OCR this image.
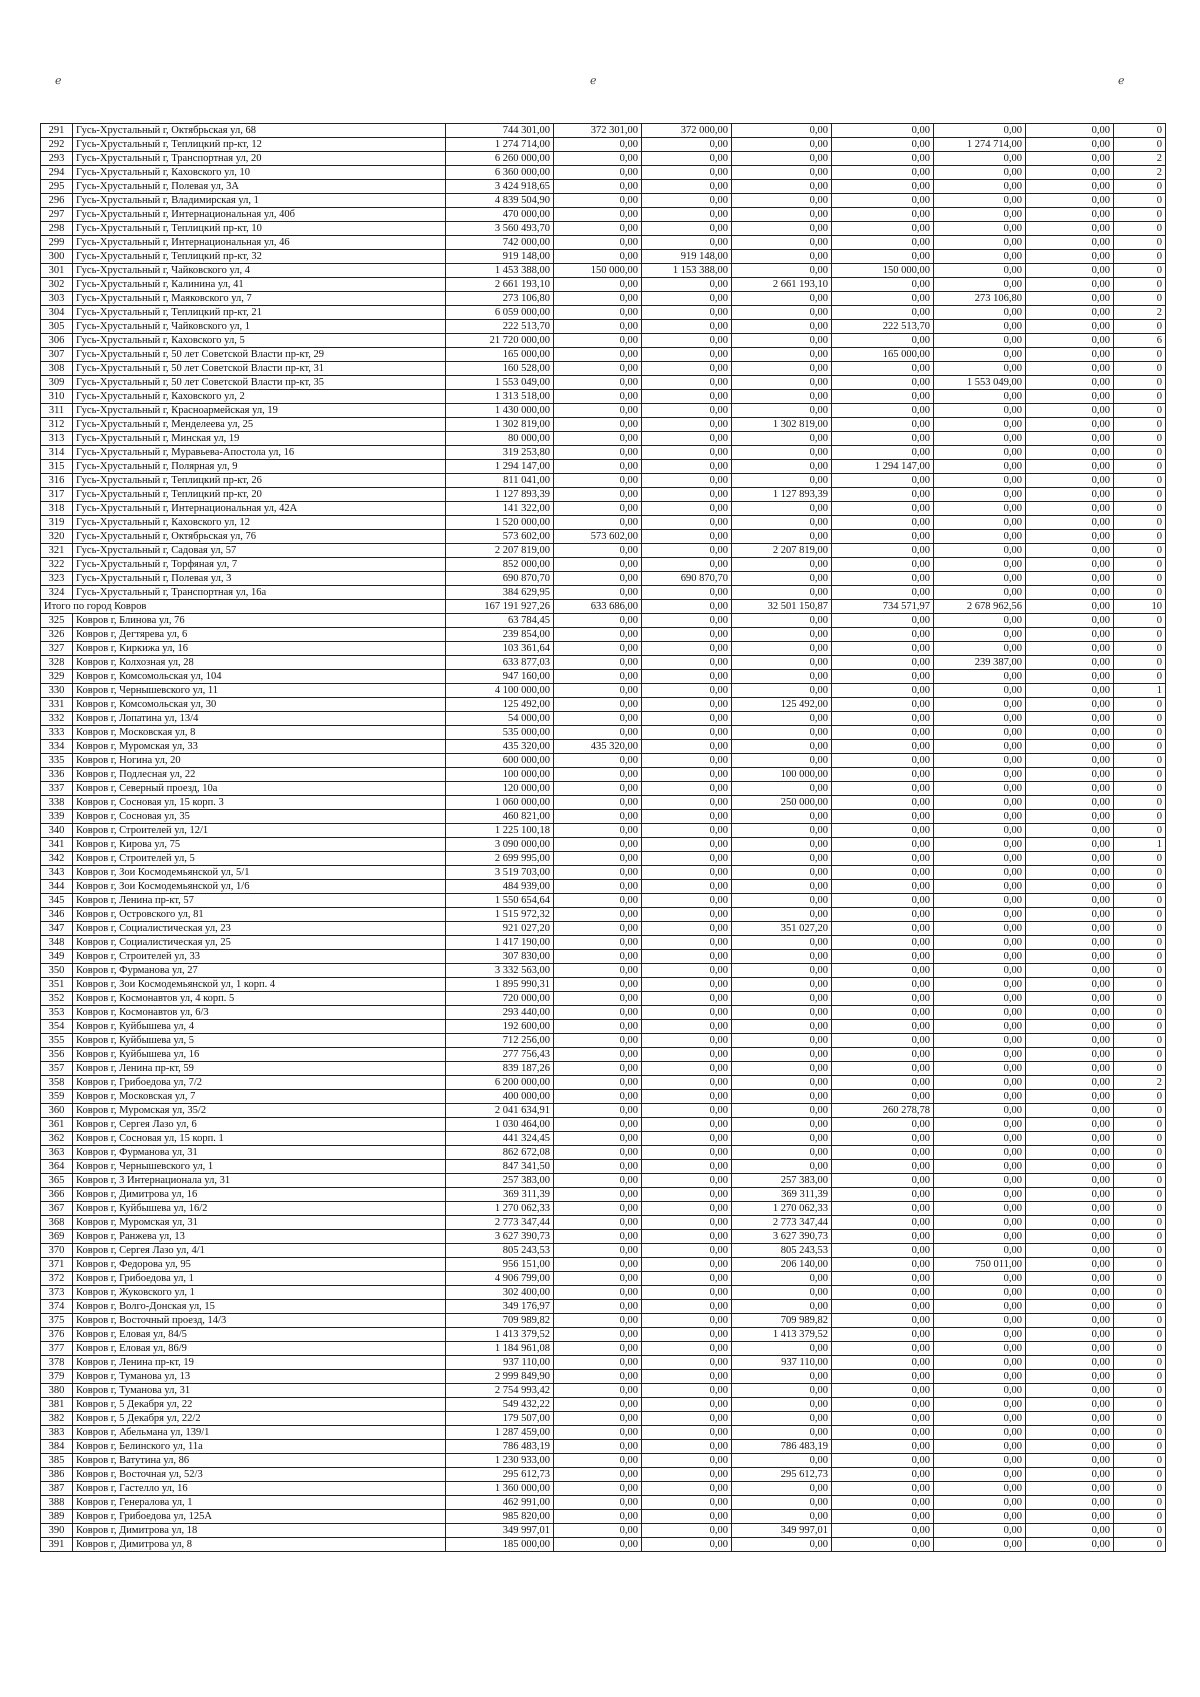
ℯ	ℯ	ℯ
291	Гусь-Хрустальный г, Октябрьская ул, 68	744 301,00	372 301,00	372 000,00	0,00	0,00	0,00	0,00	0
292	Гусь-Хрустальный г, Теплицкий пр-кт, 12	1 274 714,00	0,00	0,00	0,00	0,00	1 274 714,00	0,00	0
293	Гусь-Хрустальный г, Транспортная ул, 20	6 260 000,00	0,00	0,00	0,00	0,00	0,00	0,00	2
294	Гусь-Хрустальный г, Каховского ул, 10	6 360 000,00	0,00	0,00	0,00	0,00	0,00	0,00	2
295	Гусь-Хрустальный г, Полевая ул, 3А	3 424 918,65	0,00	0,00	0,00	0,00	0,00	0,00	0
296	Гусь-Хрустальный г, Владимирская ул, 1	4 839 504,90	0,00	0,00	0,00	0,00	0,00	0,00	0
297	Гусь-Хрустальный г, Интернациональная ул, 40б	470 000,00	0,00	0,00	0,00	0,00	0,00	0,00	0
298	Гусь-Хрустальный г, Теплицкий пр-кт, 10	3 560 493,70	0,00	0,00	0,00	0,00	0,00	0,00	0
299	Гусь-Хрустальный г, Интернациональная ул, 46	742 000,00	0,00	0,00	0,00	0,00	0,00	0,00	0
300	Гусь-Хрустальный г, Теплицкий пр-кт, 32	919 148,00	0,00	919 148,00	0,00	0,00	0,00	0,00	0
301	Гусь-Хрустальный г, Чайковского ул, 4	1 453 388,00	150 000,00	1 153 388,00	0,00	150 000,00	0,00	0,00	0
302	Гусь-Хрустальный г, Калинина ул, 41	2 661 193,10	0,00	0,00	2 661 193,10	0,00	0,00	0,00	0
303	Гусь-Хрустальный г, Маяковского ул, 7	273 106,80	0,00	0,00	0,00	0,00	273 106,80	0,00	0
304	Гусь-Хрустальный г, Теплицкий пр-кт, 21	6 059 000,00	0,00	0,00	0,00	0,00	0,00	0,00	2
305	Гусь-Хрустальный г, Чайковского ул, 1	222 513,70	0,00	0,00	0,00	222 513,70	0,00	0,00	0
306	Гусь-Хрустальный г, Каховского ул, 5	21 720 000,00	0,00	0,00	0,00	0,00	0,00	0,00	6
307	Гусь-Хрустальный г, 50 лет Советской Власти пр-кт, 29	165 000,00	0,00	0,00	0,00	165 000,00	0,00	0,00	0
308	Гусь-Хрустальный г, 50 лет Советской Власти пр-кт, 31	160 528,00	0,00	0,00	0,00	0,00	0,00	0,00	0
309	Гусь-Хрустальный г, 50 лет Советской Власти пр-кт, 35	1 553 049,00	0,00	0,00	0,00	0,00	1 553 049,00	0,00	0
310	Гусь-Хрустальный г, Каховского ул, 2	1 313 518,00	0,00	0,00	0,00	0,00	0,00	0,00	0
311	Гусь-Хрустальный г, Красноармейская ул, 19	1 430 000,00	0,00	0,00	0,00	0,00	0,00	0,00	0
312	Гусь-Хрустальный г, Менделеева ул, 25	1 302 819,00	0,00	0,00	1 302 819,00	0,00	0,00	0,00	0
313	Гусь-Хрустальный г, Минская ул, 19	80 000,00	0,00	0,00	0,00	0,00	0,00	0,00	0
314	Гусь-Хрустальный г, Муравьева-Апостола ул, 16	319 253,80	0,00	0,00	0,00	0,00	0,00	0,00	0
315	Гусь-Хрустальный г, Полярная ул, 9	1 294 147,00	0,00	0,00	0,00	1 294 147,00	0,00	0,00	0
316	Гусь-Хрустальный г, Теплицкий пр-кт, 26	811 041,00	0,00	0,00	0,00	0,00	0,00	0,00	0
317	Гусь-Хрустальный г, Теплицкий пр-кт, 20	1 127 893,39	0,00	0,00	1 127 893,39	0,00	0,00	0,00	0
318	Гусь-Хрустальный г, Интернациональная ул, 42А	141 322,00	0,00	0,00	0,00	0,00	0,00	0,00	0
319	Гусь-Хрустальный г, Каховского ул, 12	1 520 000,00	0,00	0,00	0,00	0,00	0,00	0,00	0
320	Гусь-Хрустальный г, Октябрьская ул, 76	573 602,00	573 602,00	0,00	0,00	0,00	0,00	0,00	0
321	Гусь-Хрустальный г, Садовая ул, 57	2 207 819,00	0,00	0,00	2 207 819,00	0,00	0,00	0,00	0
322	Гусь-Хрустальный г, Торфяная ул, 7	852 000,00	0,00	0,00	0,00	0,00	0,00	0,00	0
323	Гусь-Хрустальный г, Полевая ул, 3	690 870,70	0,00	690 870,70	0,00	0,00	0,00	0,00	0
324	Гусь-Хрустальный г, Транспортная ул, 16а	384 629,95	0,00	0,00	0,00	0,00	0,00	0,00	0
Итого по город Ковров		167 191 927,26	633 686,00	0,00	32 501 150,87	734 571,97	2 678 962,56	0,00	10
325	Ковров г, Блинова ул, 76	63 784,45	0,00	0,00	0,00	0,00	0,00	0,00	0
326	Ковров г, Дегтярева ул, 6	239 854,00	0,00	0,00	0,00	0,00	0,00	0,00	0
327	Ковров г, Киркижа ул, 16	103 361,64	0,00	0,00	0,00	0,00	0,00	0,00	0
328	Ковров г, Колхозная ул, 28	633 877,03	0,00	0,00	0,00	0,00	239 387,00	0,00	0
329	Ковров г, Комсомольская ул, 104	947 160,00	0,00	0,00	0,00	0,00	0,00	0,00	0
330	Ковров г, Чернышевского ул, 11	4 100 000,00	0,00	0,00	0,00	0,00	0,00	0,00	1
331	Ковров г, Комсомольская ул, 30	125 492,00	0,00	0,00	125 492,00	0,00	0,00	0,00	0
332	Ковров г, Лопатина ул, 13/4	54 000,00	0,00	0,00	0,00	0,00	0,00	0,00	0
333	Ковров г, Московская ул, 8	535 000,00	0,00	0,00	0,00	0,00	0,00	0,00	0
334	Ковров г, Муромская ул, 33	435 320,00	435 320,00	0,00	0,00	0,00	0,00	0,00	0
335	Ковров г, Ногина ул, 20	600 000,00	0,00	0,00	0,00	0,00	0,00	0,00	0
336	Ковров г, Подлесная ул, 22	100 000,00	0,00	0,00	100 000,00	0,00	0,00	0,00	0
337	Ковров г, Северный проезд, 10а	120 000,00	0,00	0,00	0,00	0,00	0,00	0,00	0
338	Ковров г, Сосновая ул, 15 корп. 3	1 060 000,00	0,00	0,00	250 000,00	0,00	0,00	0,00	0
339	Ковров г, Сосновая ул, 35	460 821,00	0,00	0,00	0,00	0,00	0,00	0,00	0
340	Ковров г, Строителей ул, 12/1	1 225 100,18	0,00	0,00	0,00	0,00	0,00	0,00	0
341	Ковров г, Кирова ул, 75	3 090 000,00	0,00	0,00	0,00	0,00	0,00	0,00	1
342	Ковров г, Строителей ул, 5	2 699 995,00	0,00	0,00	0,00	0,00	0,00	0,00	0
343	Ковров г, Зои Космодемьянской ул, 5/1	3 519 703,00	0,00	0,00	0,00	0,00	0,00	0,00	0
344	Ковров г, Зои Космодемьянской ул, 1/6	484 939,00	0,00	0,00	0,00	0,00	0,00	0,00	0
345	Ковров г, Ленина пр-кт, 57	1 550 654,64	0,00	0,00	0,00	0,00	0,00	0,00	0
346	Ковров г, Островского ул, 81	1 515 972,32	0,00	0,00	0,00	0,00	0,00	0,00	0
347	Ковров г, Социалистическая ул, 23	921 027,20	0,00	0,00	351 027,20	0,00	0,00	0,00	0
348	Ковров г, Социалистическая ул, 25	1 417 190,00	0,00	0,00	0,00	0,00	0,00	0,00	0
349	Ковров г, Строителей ул, 33	307 830,00	0,00	0,00	0,00	0,00	0,00	0,00	0
350	Ковров г, Фурманова ул, 27	3 332 563,00	0,00	0,00	0,00	0,00	0,00	0,00	0
351	Ковров г, Зои Космодемьянской ул, 1 корп. 4	1 895 990,31	0,00	0,00	0,00	0,00	0,00	0,00	0
352	Ковров г, Космонавтов ул, 4 корп. 5	720 000,00	0,00	0,00	0,00	0,00	0,00	0,00	0
353	Ковров г, Космонавтов ул, 6/3	293 440,00	0,00	0,00	0,00	0,00	0,00	0,00	0
354	Ковров г, Куйбышева ул, 4	192 600,00	0,00	0,00	0,00	0,00	0,00	0,00	0
355	Ковров г, Куйбышева ул, 5	712 256,00	0,00	0,00	0,00	0,00	0,00	0,00	0
356	Ковров г, Куйбышева ул, 16	277 756,43	0,00	0,00	0,00	0,00	0,00	0,00	0
357	Ковров г, Ленина пр-кт, 59	839 187,26	0,00	0,00	0,00	0,00	0,00	0,00	0
358	Ковров г, Грибоедова ул, 7/2	6 200 000,00	0,00	0,00	0,00	0,00	0,00	0,00	2
359	Ковров г, Московская ул, 7	400 000,00	0,00	0,00	0,00	0,00	0,00	0,00	0
360	Ковров г, Муромская ул, 35/2	2 041 634,91	0,00	0,00	0,00	260 278,78	0,00	0,00	0
361	Ковров г, Сергея Лазо ул, 6	1 030 464,00	0,00	0,00	0,00	0,00	0,00	0,00	0
362	Ковров г, Сосновая ул, 15 корп. 1	441 324,45	0,00	0,00	0,00	0,00	0,00	0,00	0
363	Ковров г, Фурманова ул, 31	862 672,08	0,00	0,00	0,00	0,00	0,00	0,00	0
364	Ковров г, Чернышевского ул, 1	847 341,50	0,00	0,00	0,00	0,00	0,00	0,00	0
365	Ковров г, 3 Интернационала ул, 31	257 383,00	0,00	0,00	257 383,00	0,00	0,00	0,00	0
366	Ковров г, Димитрова ул, 16	369 311,39	0,00	0,00	369 311,39	0,00	0,00	0,00	0
367	Ковров г, Куйбышева ул, 16/2	1 270 062,33	0,00	0,00	1 270 062,33	0,00	0,00	0,00	0
368	Ковров г, Муромская ул, 31	2 773 347,44	0,00	0,00	2 773 347,44	0,00	0,00	0,00	0
369	Ковров г, Ранжева ул, 13	3 627 390,73	0,00	0,00	3 627 390,73	0,00	0,00	0,00	0
370	Ковров г, Сергея Лазо ул, 4/1	805 243,53	0,00	0,00	805 243,53	0,00	0,00	0,00	0
371	Ковров г, Федорова ул, 95	956 151,00	0,00	0,00	206 140,00	0,00	750 011,00	0,00	0
372	Ковров г, Грибоедова ул, 1	4 906 799,00	0,00	0,00	0,00	0,00	0,00	0,00	0
373	Ковров г, Жуковского ул, 1	302 400,00	0,00	0,00	0,00	0,00	0,00	0,00	0
374	Ковров г, Волго-Донская ул, 15	349 176,97	0,00	0,00	0,00	0,00	0,00	0,00	0
375	Ковров г, Восточный проезд, 14/3	709 989,82	0,00	0,00	709 989,82	0,00	0,00	0,00	0
376	Ковров г, Еловая ул, 84/5	1 413 379,52	0,00	0,00	1 413 379,52	0,00	0,00	0,00	0
377	Ковров г, Еловая ул, 86/9	1 184 961,08	0,00	0,00	0,00	0,00	0,00	0,00	0
378	Ковров г, Ленина пр-кт, 19	937 110,00	0,00	0,00	937 110,00	0,00	0,00	0,00	0
379	Ковров г, Туманова ул, 13	2 999 849,90	0,00	0,00	0,00	0,00	0,00	0,00	0
380	Ковров г, Туманова ул, 31	2 754 993,42	0,00	0,00	0,00	0,00	0,00	0,00	0
381	Ковров г, 5 Декабря ул, 22	549 432,22	0,00	0,00	0,00	0,00	0,00	0,00	0
382	Ковров г, 5 Декабря ул, 22/2	179 507,00	0,00	0,00	0,00	0,00	0,00	0,00	0
383	Ковров г, Абельмана ул, 139/1	1 287 459,00	0,00	0,00	0,00	0,00	0,00	0,00	0
384	Ковров г, Белинского ул, 11а	786 483,19	0,00	0,00	786 483,19	0,00	0,00	0,00	0
385	Ковров г, Ватутина ул, 86	1 230 933,00	0,00	0,00	0,00	0,00	0,00	0,00	0
386	Ковров г, Восточная ул, 52/3	295 612,73	0,00	0,00	295 612,73	0,00	0,00	0,00	0
387	Ковров г, Гастелло ул, 16	1 360 000,00	0,00	0,00	0,00	0,00	0,00	0,00	0
388	Ковров г, Генералова ул, 1	462 991,00	0,00	0,00	0,00	0,00	0,00	0,00	0
389	Ковров г, Грибоедова ул, 125А	985 820,00	0,00	0,00	0,00	0,00	0,00	0,00	0
390	Ковров г, Димитрова ул, 18	349 997,01	0,00	0,00	349 997,01	0,00	0,00	0,00	0
391	Ковров г, Димитрова ул, 8	185 000,00	0,00	0,00	0,00	0,00	0,00	0,00	0
